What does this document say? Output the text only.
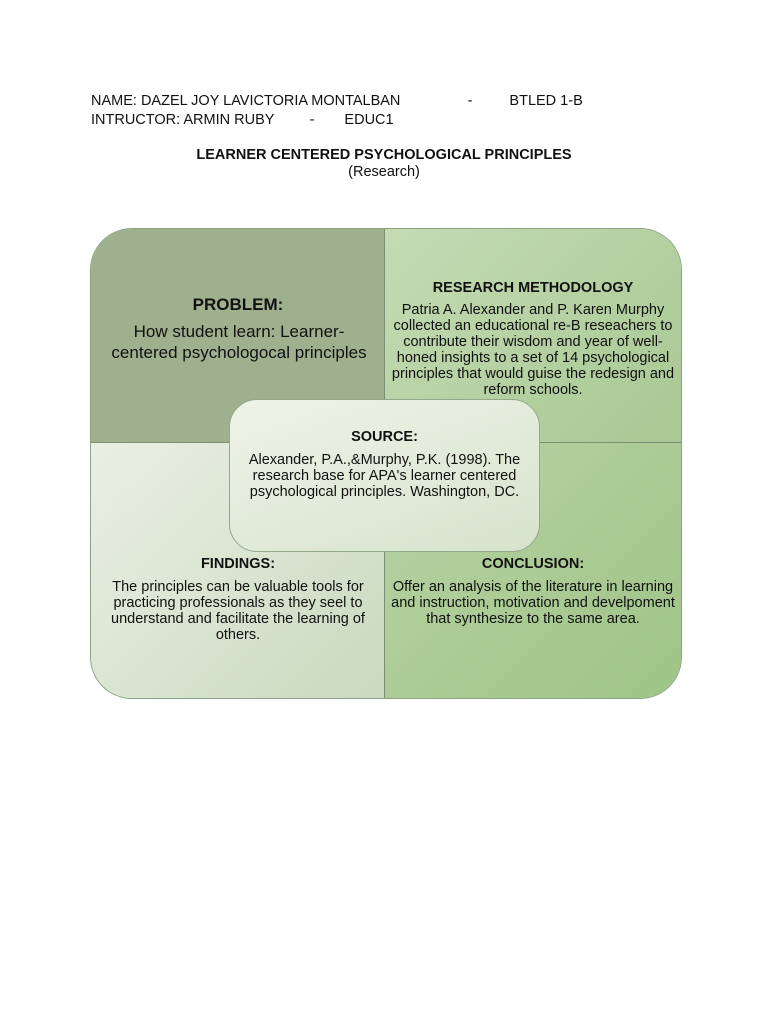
NAME: DAZEL JOY LAVICTORIA MONTALBAN	-	BTLED 1-B
INTRUCTOR: ARMIN RUBY - EDUC1
LEARNER CENTERED PSYCHOLOGICAL PRINCIPLES
(Research)
PROBLEM:
How student learn: Learner-centered psychologocal principles
RESEARCH METHODOLOGY
Patria A. Alexander and P. Karen Murphy collected an educational re-B reseachers to contribute their wisdom and year of well-honed insights to a set of 14 psychological principles that would guise the redesign and reform schools.
FINDINGS:
The principles can be valuable tools for practicing professionals as they seel to understand and facilitate the learning of others.
CONCLUSION:
Offer an analysis of the literature in learning and instruction, motivation and develpoment that synthesize to the same area.
SOURCE:
Alexander, P.A.,&Murphy, P.K. (1998). The research base for APA's learner centered psychological principles. Washington, DC.
